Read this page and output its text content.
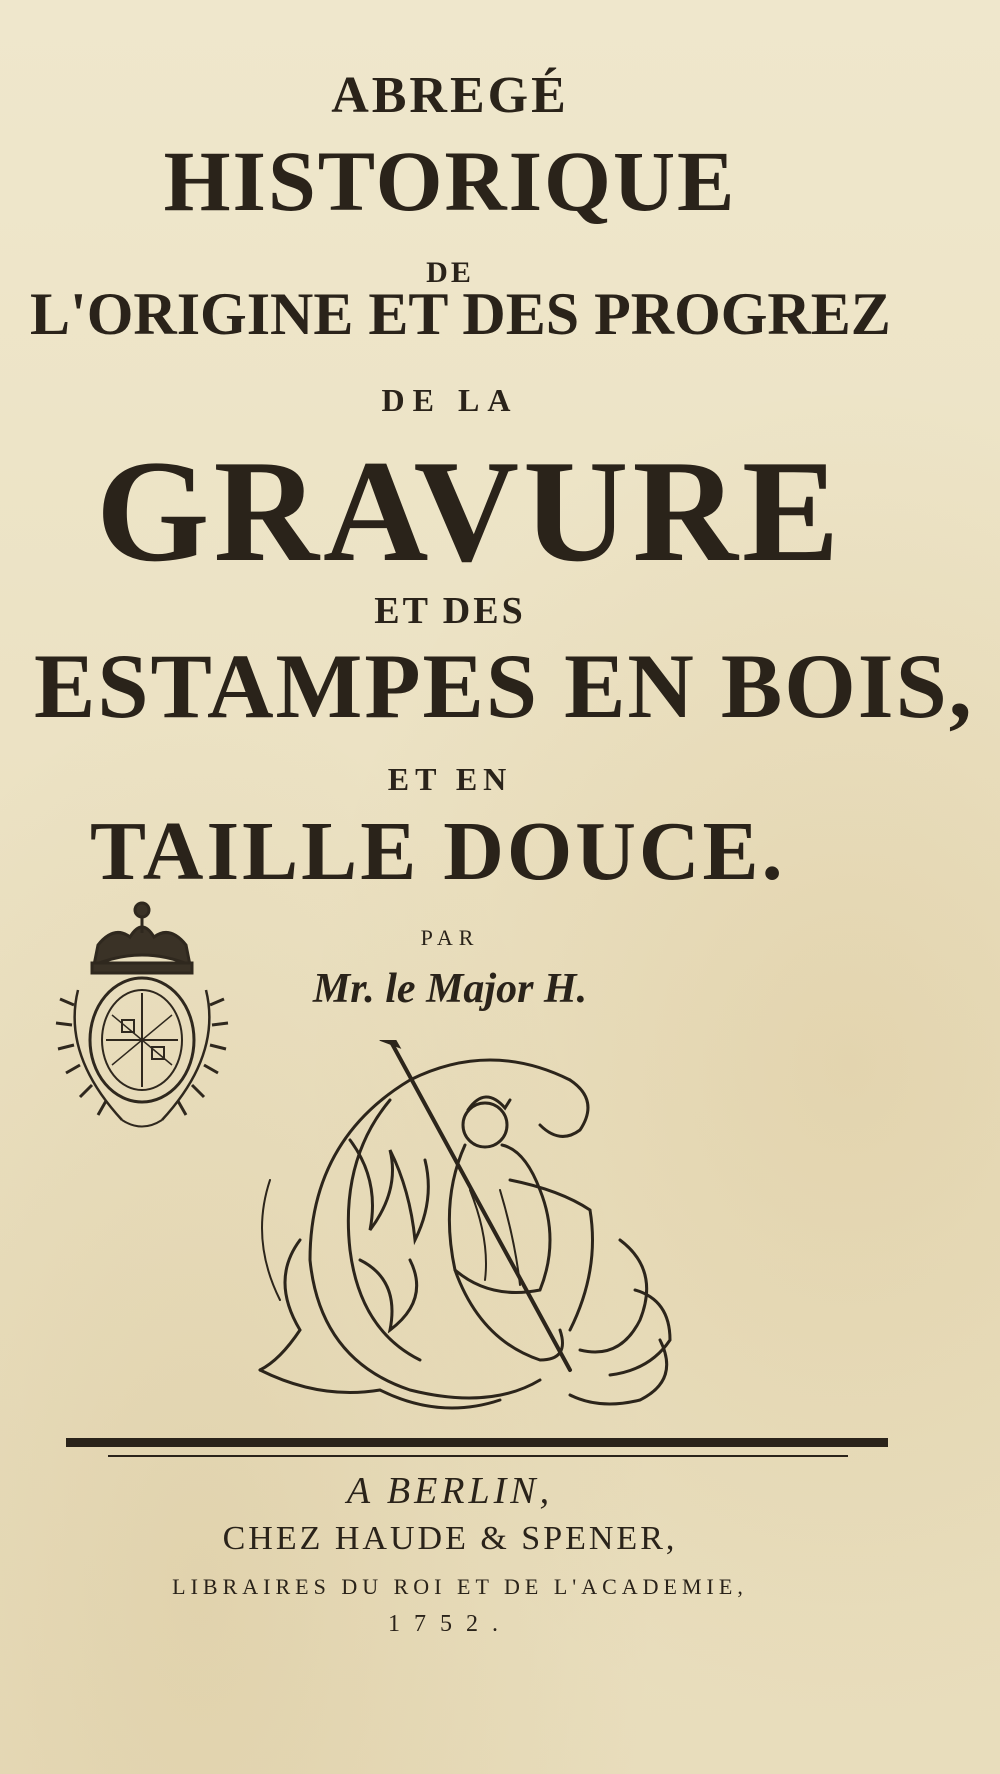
ABREGÉ

HISTORIQUE

DE

L'ORIGINE ET DES PROGREZ

DE LA

GRAVURE

ET DES

ESTAMPES EN BOIS,

ET EN

TAILLE DOUCE.

PAR

Mr. le Major H.

A BERLIN,

CHEZ HAUDE & SPENER,

LIBRAIRES DU ROI ET DE L'ACADEMIE,

1752.
